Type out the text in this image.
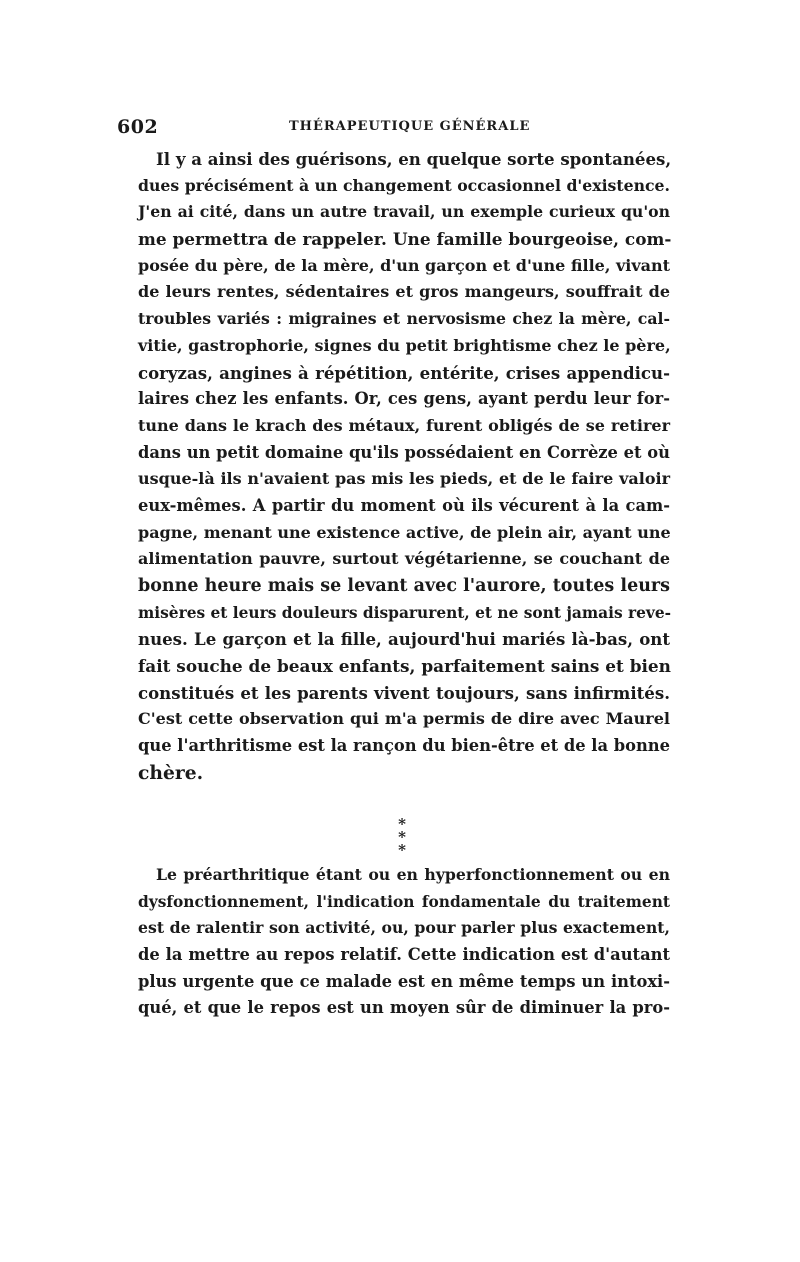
602	THÉRAPEUTIQUE GÉNÉRALE
Il y a ainsi des guérisons, en quelque sorte spontanées,
dues précisément à un changement occasionnel d'existence.
J'en ai cité, dans un autre travail, un exemple curieux qu'on
me permettra de rappeler. Une famille bourgeoise, com-
posée du père, de la mère, d'un garçon et d'une fille, vivant
de leurs rentes, sédentaires et gros mangeurs, souffrait de
troubles variés : migraines et nervosisme chez la mère, cal-
vitie, gastrophorie, signes du petit brightisme chez le père,
coryzas, angines à répétition, entérite, crises appendicu-
laires chez les enfants. Or, ces gens, ayant perdu leur for-
tune dans le krach des métaux, furent obligés de se retirer
dans un petit domaine qu'ils possédaient en Corrèze et où
usque-là ils n'avaient pas mis les pieds, et de le faire valoir
eux-mêmes. A partir du moment où ils vécurent à la cam-
pagne, menant une existence active, de plein air, ayant une
alimentation pauvre, surtout végétarienne, se couchant de
bonne heure mais se levant avec l'aurore, toutes leurs
misères et leurs douleurs disparurent, et ne sont jamais reve-
nues. Le garçon et la fille, aujourd'hui mariés là-bas, ont
fait souche de beaux enfants, parfaitement sains et bien
constitués et les parents vivent toujours, sans infirmités.
C'est cette observation qui m'a permis de dire avec Maurel
que l'arthritisme est la rançon du bien-être et de la bonne
chère.
*
* *
Le préarthritique étant ou en hyperfonctionnement ou en
dysfonctionnement, l'indication fondamentale du traitement
est de ralentir son activité, ou, pour parler plus exactement,
de la mettre au repos relatif. Cette indication est d'autant
plus urgente que ce malade est en même temps un intoxi-
qué, et que le repos est un moyen sûr de diminuer la pro-
